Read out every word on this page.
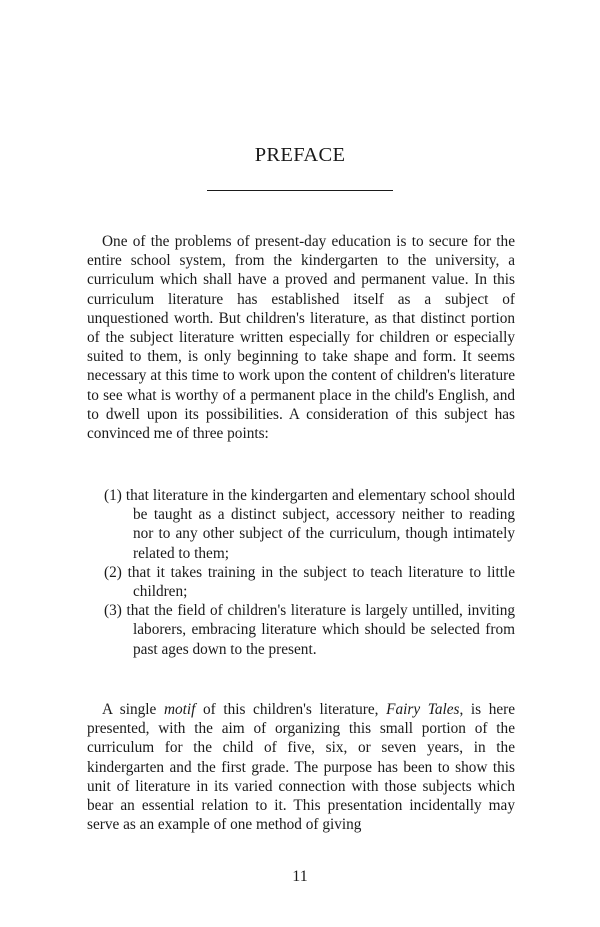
PREFACE
One of the problems of present-day education is to secure for the entire school system, from the kindergarten to the university, a curriculum which shall have a proved and permanent value. In this curriculum literature has established itself as a subject of unquestioned worth. But children's literature, as that distinct portion of the subject literature written especially for children or especially suited to them, is only beginning to take shape and form. It seems necessary at this time to work upon the content of children's literature to see what is worthy of a permanent place in the child's English, and to dwell upon its possibilities. A consideration of this subject has convinced me of three points:
(1) that literature in the kindergarten and elementary school should be taught as a distinct subject, accessory neither to reading nor to any other subject of the curriculum, though intimately related to them;
(2) that it takes training in the subject to teach literature to little children;
(3) that the field of children's literature is largely untilled, inviting laborers, embracing literature which should be selected from past ages down to the present.
A single motif of this children's literature, Fairy Tales, is here presented, with the aim of organizing this small portion of the curriculum for the child of five, six, or seven years, in the kindergarten and the first grade. The purpose has been to show this unit of literature in its varied connection with those subjects which bear an essential relation to it. This presentation incidentally may serve as an example of one method of giving
11
